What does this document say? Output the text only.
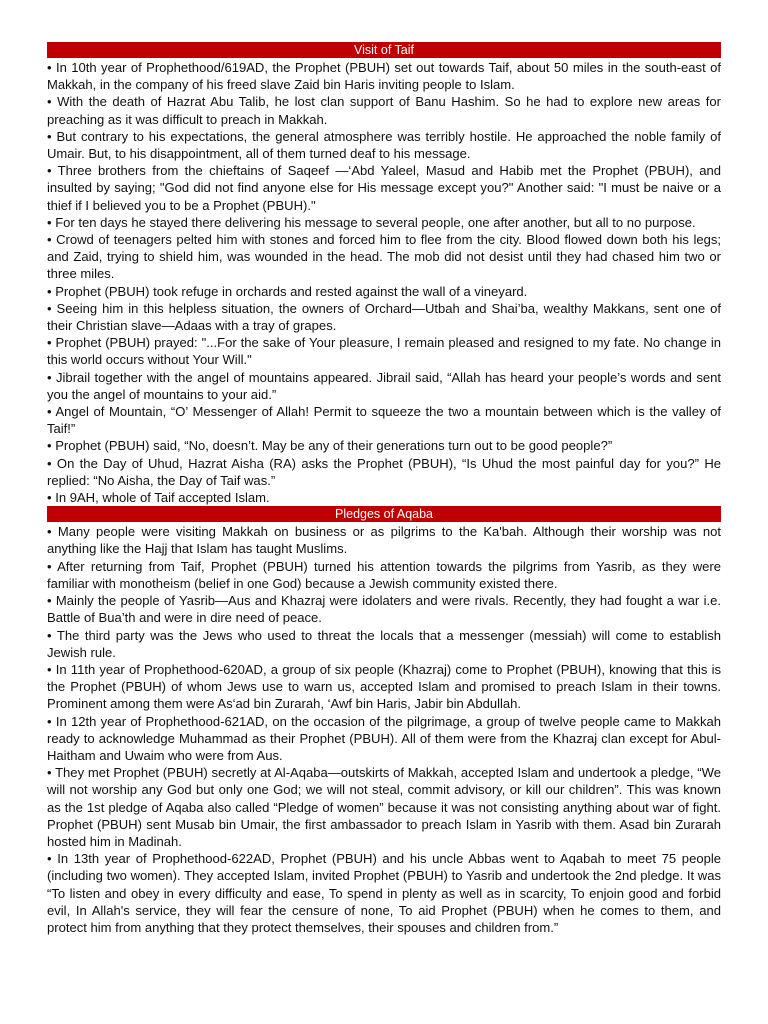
Visit of Taif

• In 10th year of Prophethood/619AD, the Prophet (PBUH) set out towards Taif, about 50 miles in the south-east of Makkah, in the company of his freed slave Zaid bin Haris inviting people to Islam.

• With the death of Hazrat Abu Talib, he lost clan support of Banu Hashim. So he had to explore new areas for preaching as it was difficult to preach in Makkah.

• But contrary to his expectations, the general atmosphere was terribly hostile. He approached the noble family of Umair. But, to his disappointment, all of them turned deaf to his message.

• Three brothers from the chieftains of Saqeef —‘Abd Yaleel, Masud and Habib met the Prophet (PBUH), and insulted by saying; "God did not find anyone else for His message except you?" Another said: "I must be naive or a thief if I believed you to be a Prophet (PBUH)."

• For ten days he stayed there delivering his message to several people, one after another, but all to no purpose.

• Crowd of teenagers pelted him with stones and forced him to flee from the city. Blood flowed down both his legs; and Zaid, trying to shield him, was wounded in the head. The mob did not desist until they had chased him two or three miles.

• Prophet (PBUH) took refuge in orchards and rested against the wall of a vineyard.

• Seeing him in this helpless situation, the owners of Orchard—Utbah and Shai’ba, wealthy Makkans, sent one of their Christian slave—Adaas with a tray of grapes.

• Prophet (PBUH) prayed: "...For the sake of Your pleasure, I remain pleased and resigned to my fate. No change in this world occurs without Your Will."

• Jibrail together with the angel of mountains appeared. Jibrail said, “Allah has heard your people’s words and sent you the angel of mountains to your aid.”

• Angel of Mountain, “O’ Messenger of Allah! Permit to squeeze the two a mountain between which is the valley of Taif!”

• Prophet (PBUH) said, “No, doesn’t. May be any of their generations turn out to be good people?”

• On the Day of Uhud, Hazrat Aisha (RA) asks the Prophet (PBUH), “Is Uhud the most painful day for you?” He replied: “No Aisha, the Day of Taif was.”

• In 9AH, whole of Taif accepted Islam.

Pledges of Aqaba

• Many people were visiting Makkah on business or as pilgrims to the Ka'bah. Although their worship was not anything like the Hajj that Islam has taught Muslims.

• After returning from Taif, Prophet (PBUH) turned his attention towards the pilgrims from Yasrib, as they were familiar with monotheism (belief in one God) because a Jewish community existed there.

• Mainly the people of Yasrib—Aus and Khazraj were idolaters and were rivals. Recently, they had fought a war i.e. Battle of Bua’th and were in dire need of peace.

• The third party was the Jews who used to threat the locals that a messenger (messiah) will come to establish Jewish rule.

• In 11th year of Prophethood-620AD, a group of six people (Khazraj) come to Prophet (PBUH), knowing that this is the Prophet (PBUH) of whom Jews use to warn us, accepted Islam and promised to preach Islam in their towns. Prominent among them were As‘ad bin Zurarah, ‘Awf bin Haris, Jabir bin Abdullah.

• In 12th year of Prophethood-621AD, on the occasion of the pilgrimage, a group of twelve people came to Makkah ready to acknowledge Muhammad as their Prophet (PBUH). All of them were from the Khazraj clan except for Abul-Haitham and Uwaim who were from Aus.

• They met Prophet (PBUH) secretly at Al-Aqaba—outskirts of Makkah, accepted Islam and undertook a pledge, “We will not worship any God but only one God; we will not steal, commit advisory, or kill our children”. This was known as the 1st pledge of Aqaba also called “Pledge of women” because it was not consisting anything about war of fight. Prophet (PBUH) sent Musab bin Umair, the first ambassador to preach Islam in Yasrib with them. Asad bin Zurarah hosted him in Madinah.

• In 13th year of Prophethood-622AD, Prophet (PBUH) and his uncle Abbas went to Aqabah to meet 75 people (including two women). They accepted Islam, invited Prophet (PBUH) to Yasrib and undertook the 2nd pledge. It was “To listen and obey in every difficulty and ease, To spend in plenty as well as in scarcity, To enjoin good and forbid evil, In Allah's service, they will fear the censure of none, To aid Prophet (PBUH) when he comes to them, and protect him from anything that they protect themselves, their spouses and children from.”
